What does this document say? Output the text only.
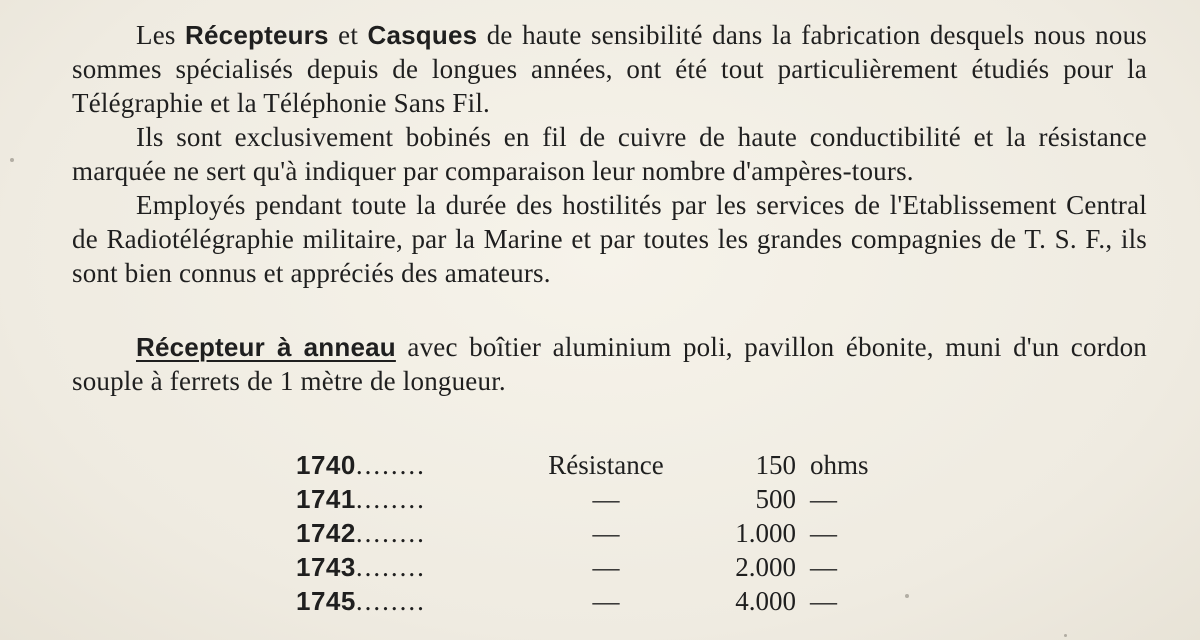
Les Récepteurs et Casques de haute sensibilité dans la fabrication desquels nous nous sommes spécialisés depuis de longues années, ont été tout particulièrement étudiés pour la Télégraphie et la Téléphonie Sans Fil.

Ils sont exclusivement bobinés en fil de cuivre de haute conductibilité et la résistance marquée ne sert qu'à indiquer par comparaison leur nombre d'ampères-tours.

Employés pendant toute la durée des hostilités par les services de l'Etablissement Central de Radiotélégraphie militaire, par la Marine et par toutes les grandes compagnies de T. S. F., ils sont bien connus et appréciés des amateurs.

Récepteur à anneau avec boîtier aluminium poli, pavillon ébonite, muni d'un cordon souple à ferrets de 1 mètre de longueur.

1740........	Résistance	150 ohms
1741........	—	500 —
1742........	—	1.000 —
1743........	—	2.000 —
1745........	—	4.000 —
